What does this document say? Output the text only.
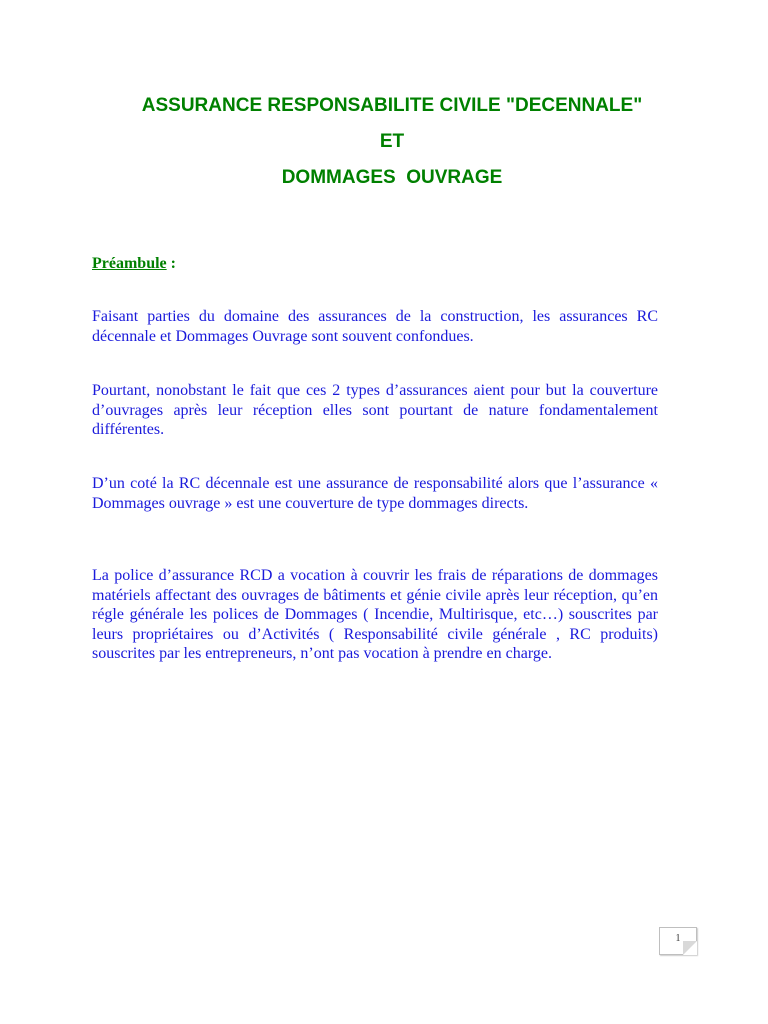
ASSURANCE RESPONSABILITE CIVILE "DECENNALE"
ET
DOMMAGES  OUVRAGE
Préambule :

Faisant parties du domaine des assurances de la construction, les assurances RC décennale et Dommages Ouvrage sont souvent confondues.

Pourtant, nonobstant le fait que ces 2 types d’assurances aient pour but la couverture d’ouvrages après leur réception elles sont pourtant de nature fondamentalement différentes.

D’un coté la RC décennale est une assurance de responsabilité alors que l’assurance « Dommages ouvrage » est une couverture de type dommages directs.

La police d’assurance RCD a vocation à couvrir les frais de réparations de dommages matériels affectant des ouvrages de bâtiments et génie civile après leur réception, qu’en régle générale les polices de Dommages ( Incendie, Multirisque, etc…) souscrites par leurs propriétaires ou d’Activités ( Responsabilité civile générale , RC produits) souscrites par les entrepreneurs, n’ont pas vocation à prendre en charge.

1
